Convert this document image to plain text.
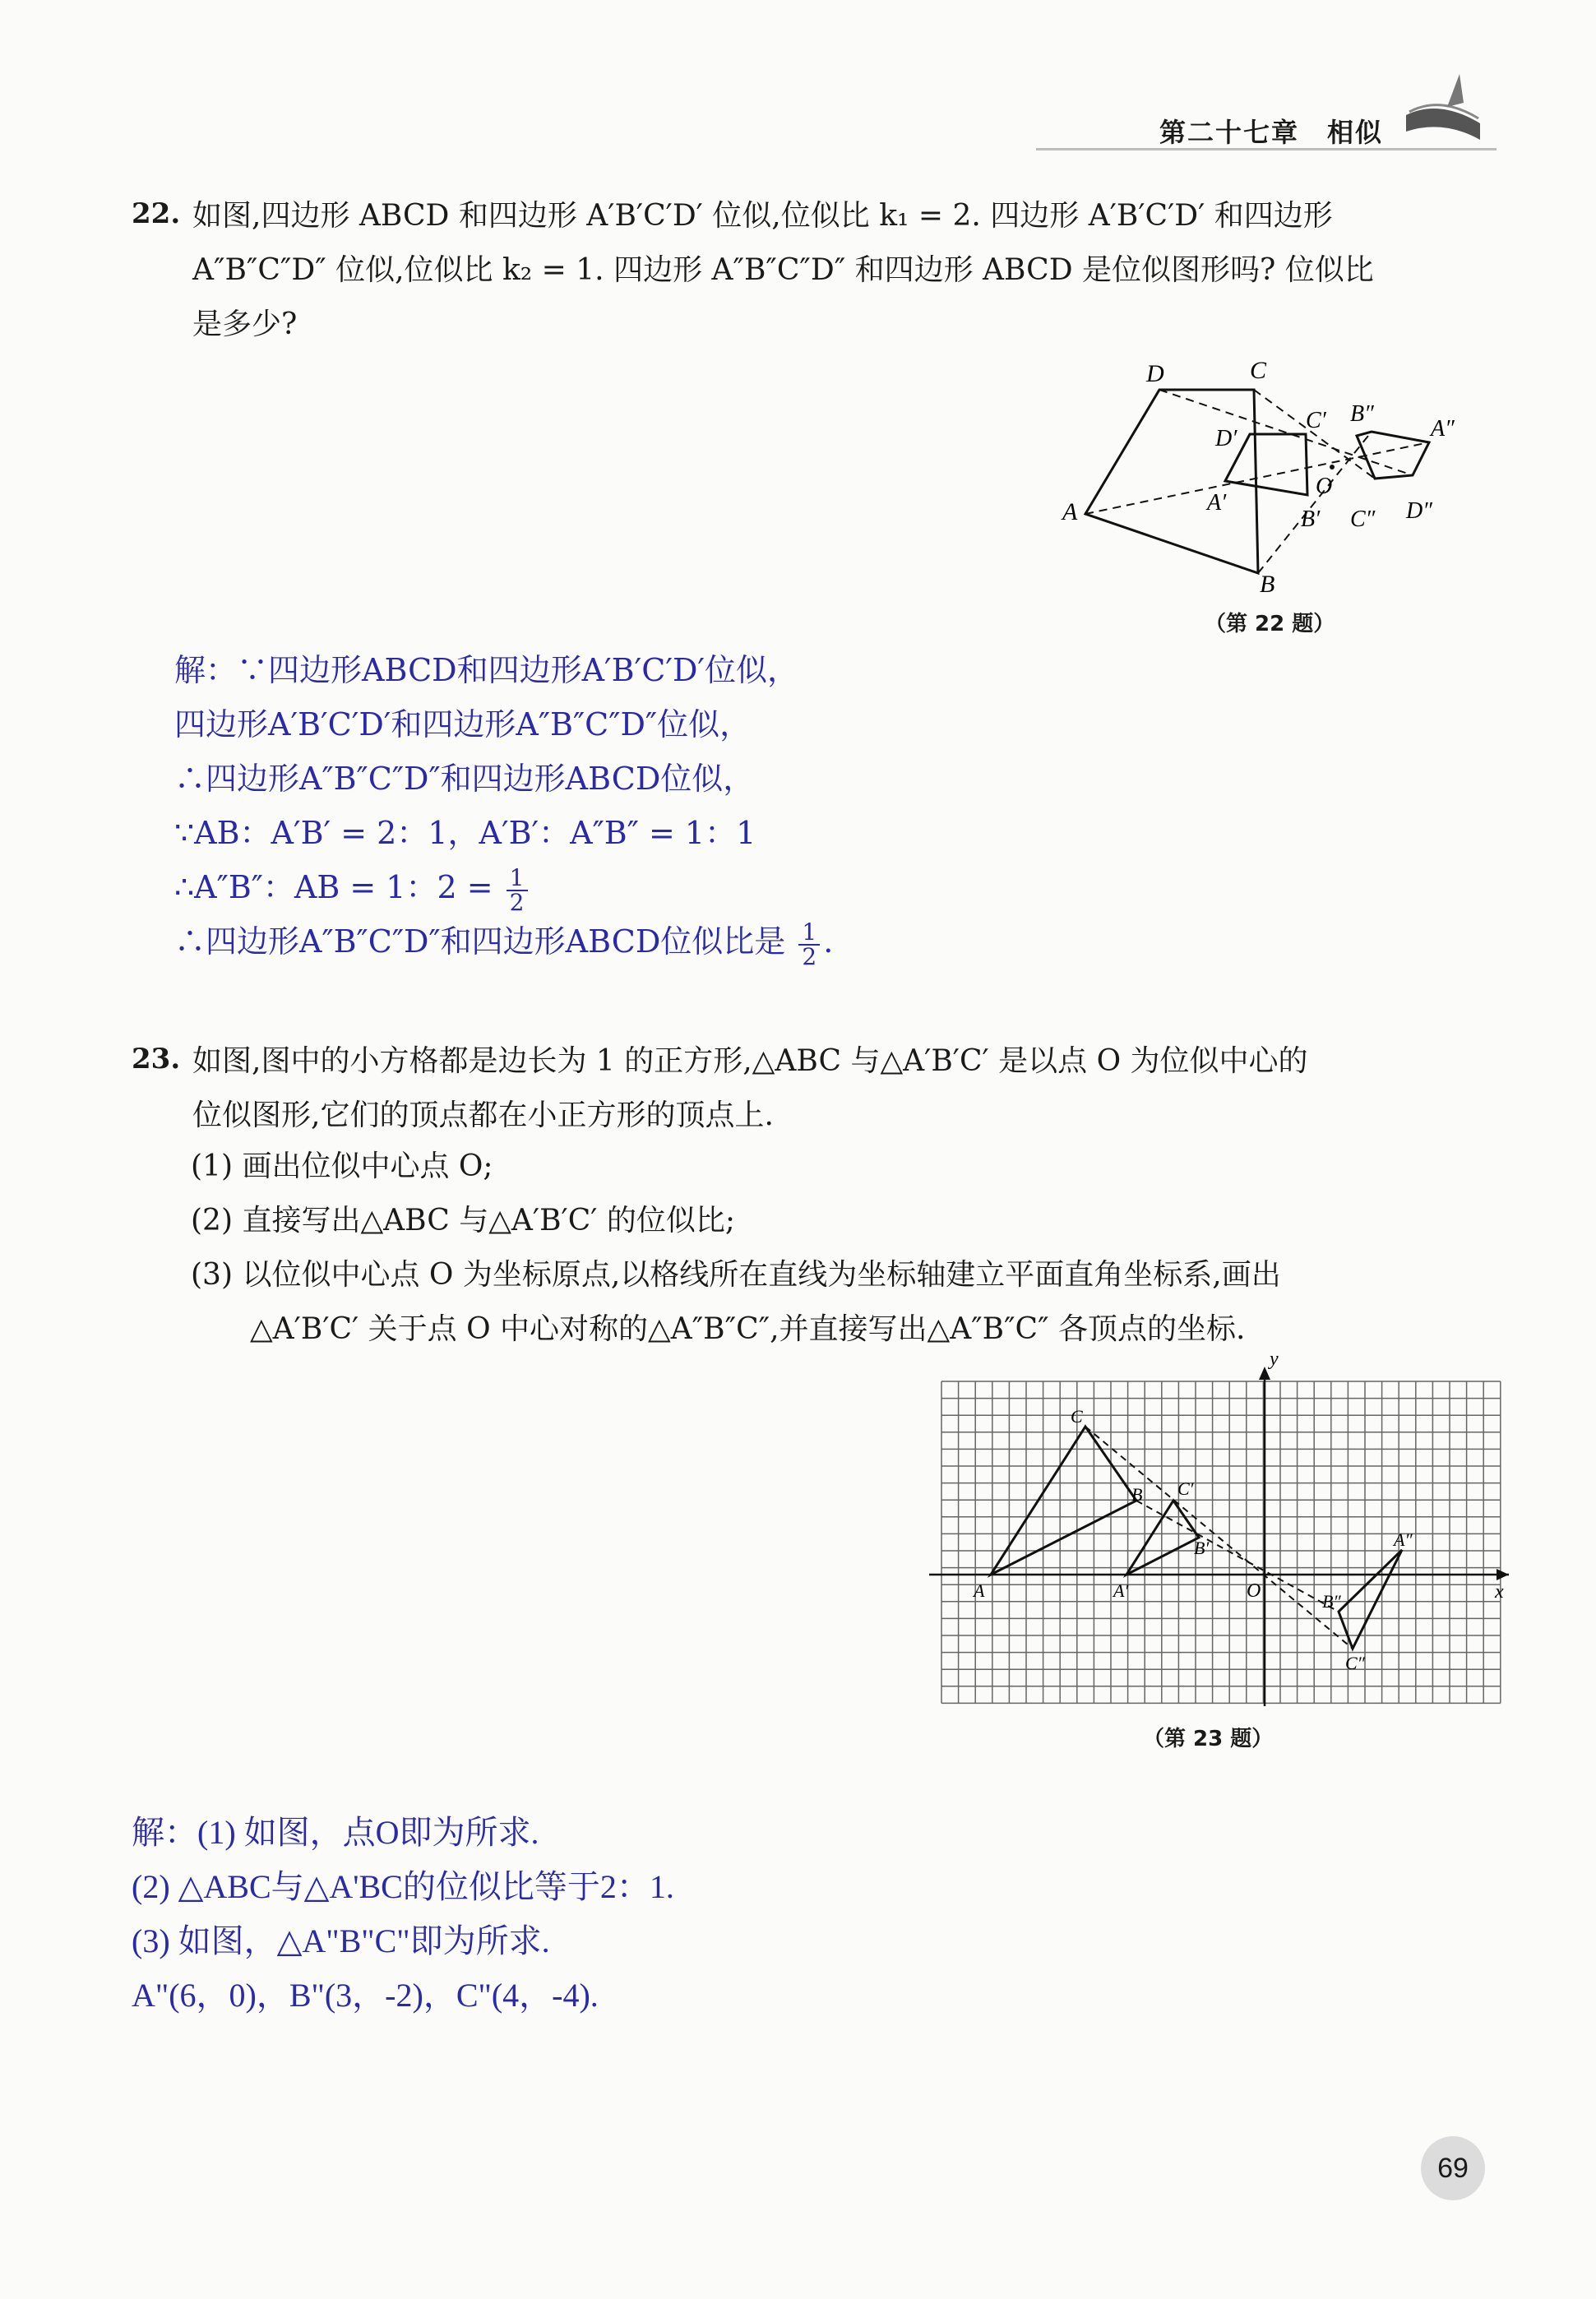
第二十七章　相似
22. 如图,四边形 ABCD 和四边形 A′B′C′D′ 位似,位似比 k₁ = 2. 四边形 A′B′C′D′ 和四边形
A″B″C″D″ 位似,位似比 k₂ = 1. 四边形 A″B″C″D″ 和四边形 ABCD 是位似图形吗? 位似比
是多少?
A
B
C
D
A′
B′
C′
D′	A″
B″
C″ D″
O
（第 22 题）
解：∵四边形ABCD和四边形A′B′C′D′位似，
四边形A′B′C′D′和四边形A″B″C″D″位似，
∴四边形A″B″C″D″和四边形ABCD位似，
∵AB：A′B′ = 2：1，A′B′：A″B″ = 1：1
∴A″B″：AB = 1：$2 = \frac{1}{2}$
∴四边形A″B″C″D″和四边形ABCD位似比是 $\frac{1}{2}$ .
23. 如图,图中的小方格都是边长为 1 的正方形,△ABC 与△A′B′C′ 是以点 O 为位似中心的
位似图形,它们的顶点都在小正方形的顶点上.
(1) 画出位似中心点 O;
(2) 直接写出△ABC 与△A′B′C′ 的位似比;
(3) 以位似中心点 O 为坐标原点,以格线所在直线为坐标轴建立平面直角坐标系,画出
△A′B′C′ 关于点 O 中心对称的△A″B″C″,并直接写出△A″B″C″ 各顶点的坐标.
y
x
O
A
B
C
A′
B′
C′
A″
B″
C″
（第 23 题）
解：(1) 如图，点O即为所求.
(2) △ABC与△A'BC的位似比等于2：1.
(3) 如图，△A"B"C"即为所求.
A"(6，0)，B"(3，-2)，C"(4，-4).
69
